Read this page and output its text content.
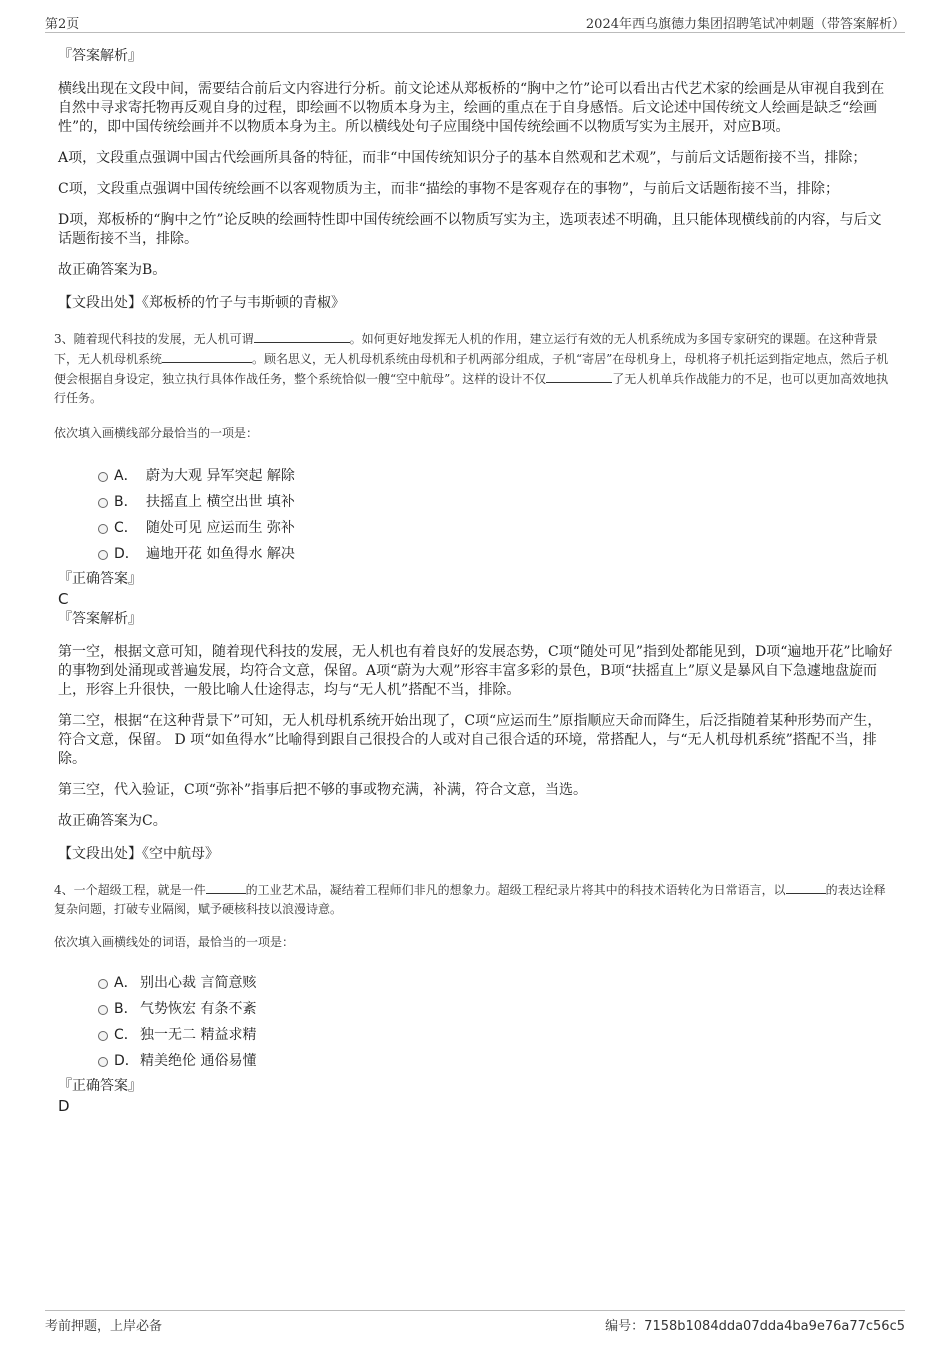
第2页	2024年西乌旗德力集团招聘笔试冲刺题（带答案解析）

『答案解析』

横线出现在文段中间，需要结合前后文内容进行分析。前文论述从郑板桥的“胸中之竹”论可以看出古代艺术家的绘画是从审视自我到在自然中寻求寄托物再反观自身的过程，即绘画不以物质本身为主，绘画的重点在于自身感悟。后文论述中国传统文人绘画是缺乏“绘画性”的，即中国传统绘画并不以物质本身为主。所以横线处句子应围绕中国传统绘画不以物质写实为主展开，对应B项。

A项，文段重点强调中国古代绘画所具备的特征，而非“中国传统知识分子的基本自然观和艺术观”，与前后文话题衔接不当，排除；

C项，文段重点强调中国传统绘画不以客观物质为主，而非“描绘的事物不是客观存在的事物”，与前后文话题衔接不当，排除；

D项，郑板桥的“胸中之竹”论反映的绘画特性即中国传统绘画不以物质写实为主，选项表述不明确，且只能体现横线前的内容，与后文话题衔接不当，排除。

故正确答案为B。

【文段出处】《郑板桥的竹子与韦斯顿的青椒》

3、随着现代科技的发展，无人机可谓	。如何更好地发挥无人机的作用，建立运行有效的无人机系统成为多国专家研究的课题。在这种背景下，无人机母机系统	。顾名思义，无人机母机系统由母机和子机两部分组成，子机“寄居”在母机身上，母机将子机托运到指定地点，然后子机便会根据自身设定，独立执行具体作战任务，整个系统恰似一艘“空中航母”。这样的设计不仅	了无人机单兵作战能力的不足，也可以更加高效地执行任务。

依次填入画横线部分最恰当的一项是：

A． 蔚为大观 异军突起 解除
B． 扶摇直上 横空出世 填补
C． 随处可见 应运而生 弥补
D． 遍地开花 如鱼得水 解决

『正确答案』

C

『答案解析』

第一空，根据文意可知，随着现代科技的发展，无人机也有着良好的发展态势，C项“随处可见”指到处都能见到，D项“遍地开花”比喻好的事物到处涌现或普遍发展，均符合文意，保留。A项“蔚为大观”形容丰富多彩的景色，B项“扶摇直上”原义是暴风自下急遽地盘旋而上，形容上升很快，一般比喻人仕途得志，均与“无人机”搭配不当，排除。

第二空，根据“在这种背景下”可知，无人机母机系统开始出现了，C项“应运而生”原指顺应天命而降生，后泛指随着某种形势而产生，符合文意，保留。 D 项“如鱼得水”比喻得到跟自己很投合的人或对自己很合适的环境，常搭配人，与“无人机母机系统”搭配不当，排除。

第三空，代入验证，C项“弥补”指事后把不够的事或物充满，补满，符合文意，当选。

故正确答案为C。

【文段出处】《空中航母》

4、一个超级工程，就是一件	的工业艺术品，凝结着工程师们非凡的想象力。超级工程纪录片将其中的科技术语转化为日常语言，以	的表达诠释复杂问题，打破专业隔阂，赋予硬核科技以浪漫诗意。

依次填入画横线处的词语，最恰当的一项是：

A． 别出心裁 言简意赅
B． 气势恢宏 有条不紊
C． 独一无二 精益求精
D． 精美绝伦 通俗易懂

『正确答案』

D

考前押题，上岸必备	编号：7158b1084dda07dda4ba9e76a77c56c5
